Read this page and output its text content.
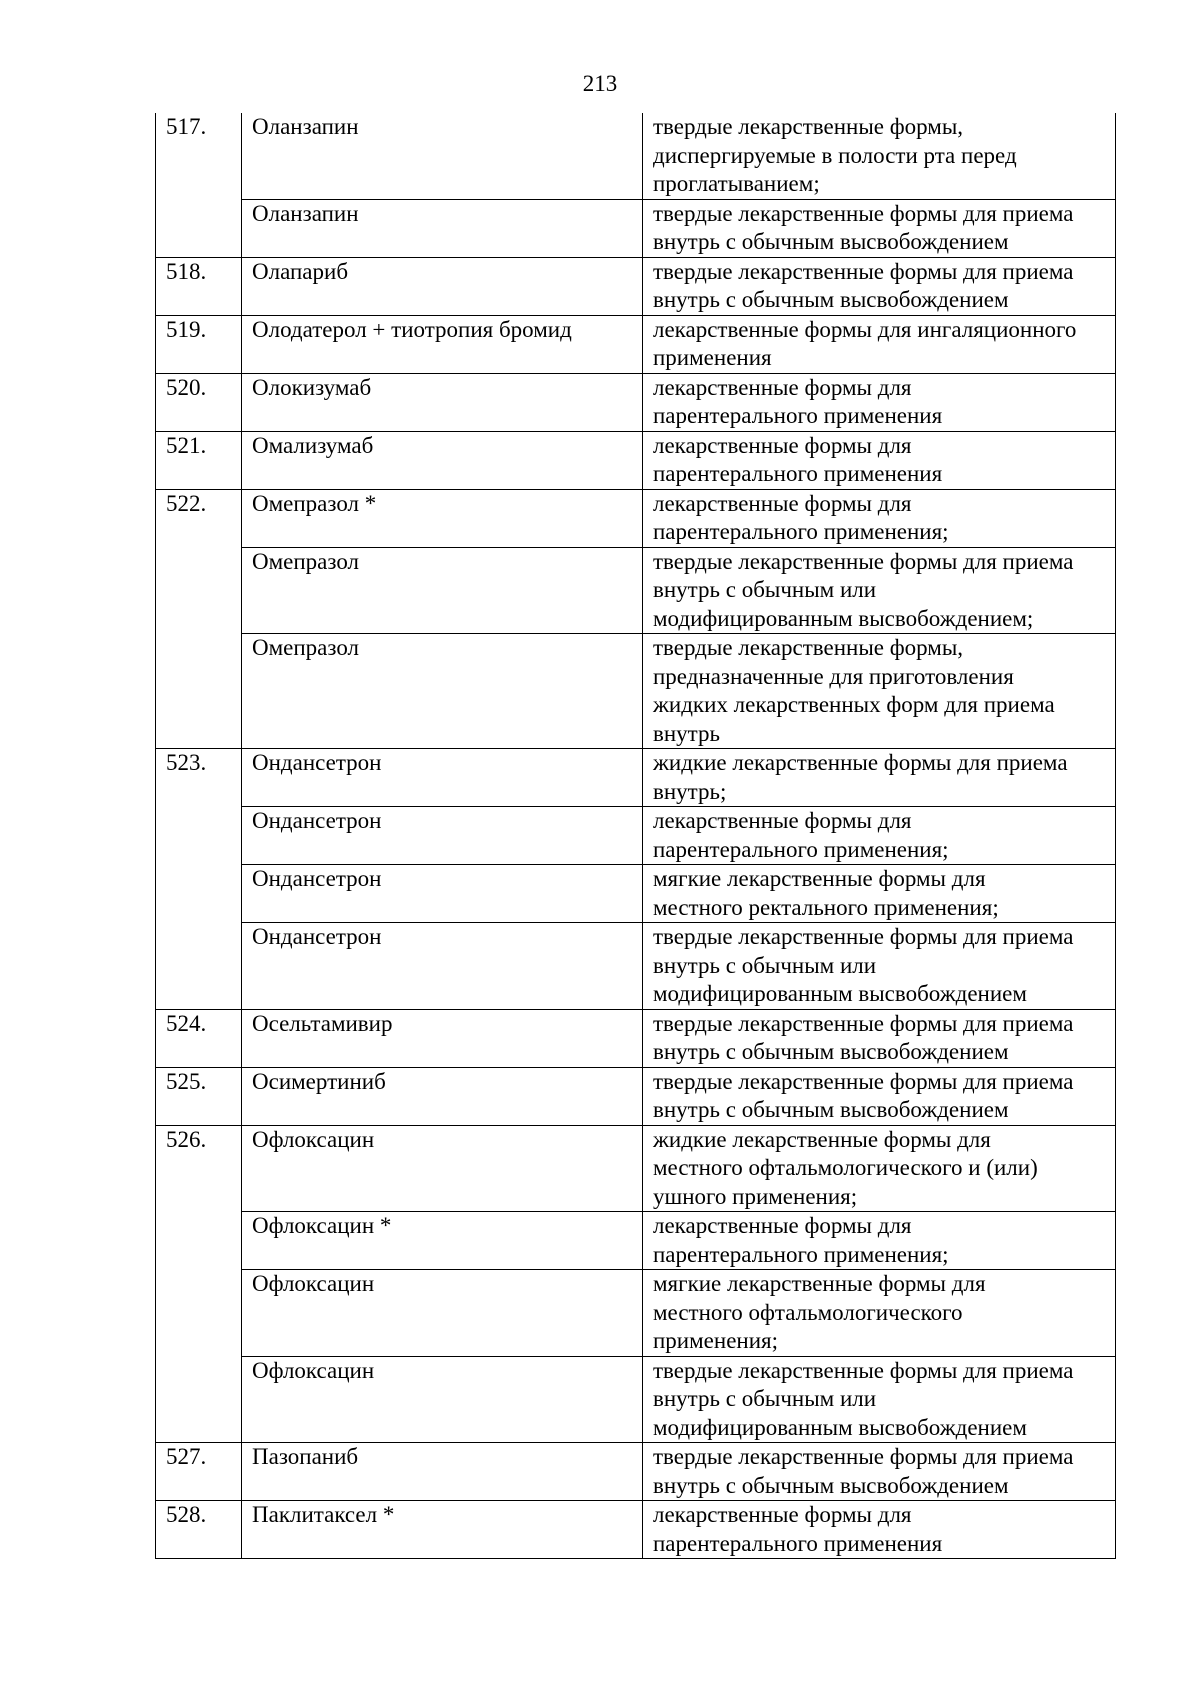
213
517.	Оланзапин	твердые лекарственные формы,
диспергируемые в полости рта перед
проглатыванием;
	Оланзапин	твердые лекарственные формы для приема
внутрь с обычным высвобождением
518.	Олапариб	твердые лекарственные формы для приема
внутрь с обычным высвобождением
519.	Олодатерол + тиотропия бромид	лекарственные формы для ингаляционного
применения
520.	Олокизумаб	лекарственные формы для
парентерального применения
521.	Омализумаб	лекарственные формы для
парентерального применения
522.	Омепразол *	лекарственные формы для
парентерального применения;
	Омепразол	твердые лекарственные формы для приема
внутрь с обычным или
модифицированным высвобождением;
	Омепразол	твердые лекарственные формы,
предназначенные для приготовления
жидких лекарственных форм для приема
внутрь
523.	Ондансетрон	жидкие лекарственные формы для приема
внутрь;
	Ондансетрон	лекарственные формы для
парентерального применения;
	Ондансетрон	мягкие лекарственные формы для
местного ректального применения;
	Ондансетрон	твердые лекарственные формы для приема
внутрь с обычным или
модифицированным высвобождением
524.	Осельтамивир	твердые лекарственные формы для приема
внутрь с обычным высвобождением
525.	Осимертиниб	твердые лекарственные формы для приема
внутрь с обычным высвобождением
526.	Офлоксацин	жидкие лекарственные формы для
местного офтальмологического и (или)
ушного применения;
	Офлоксацин *	лекарственные формы для
парентерального применения;
	Офлоксацин	мягкие лекарственные формы для
местного офтальмологического
применения;
	Офлоксацин	твердые лекарственные формы для приема
внутрь с обычным или
модифицированным высвобождением
527.	Пазопаниб	твердые лекарственные формы для приема
внутрь с обычным высвобождением
528.	Паклитаксел *	лекарственные формы для
парентерального применения
